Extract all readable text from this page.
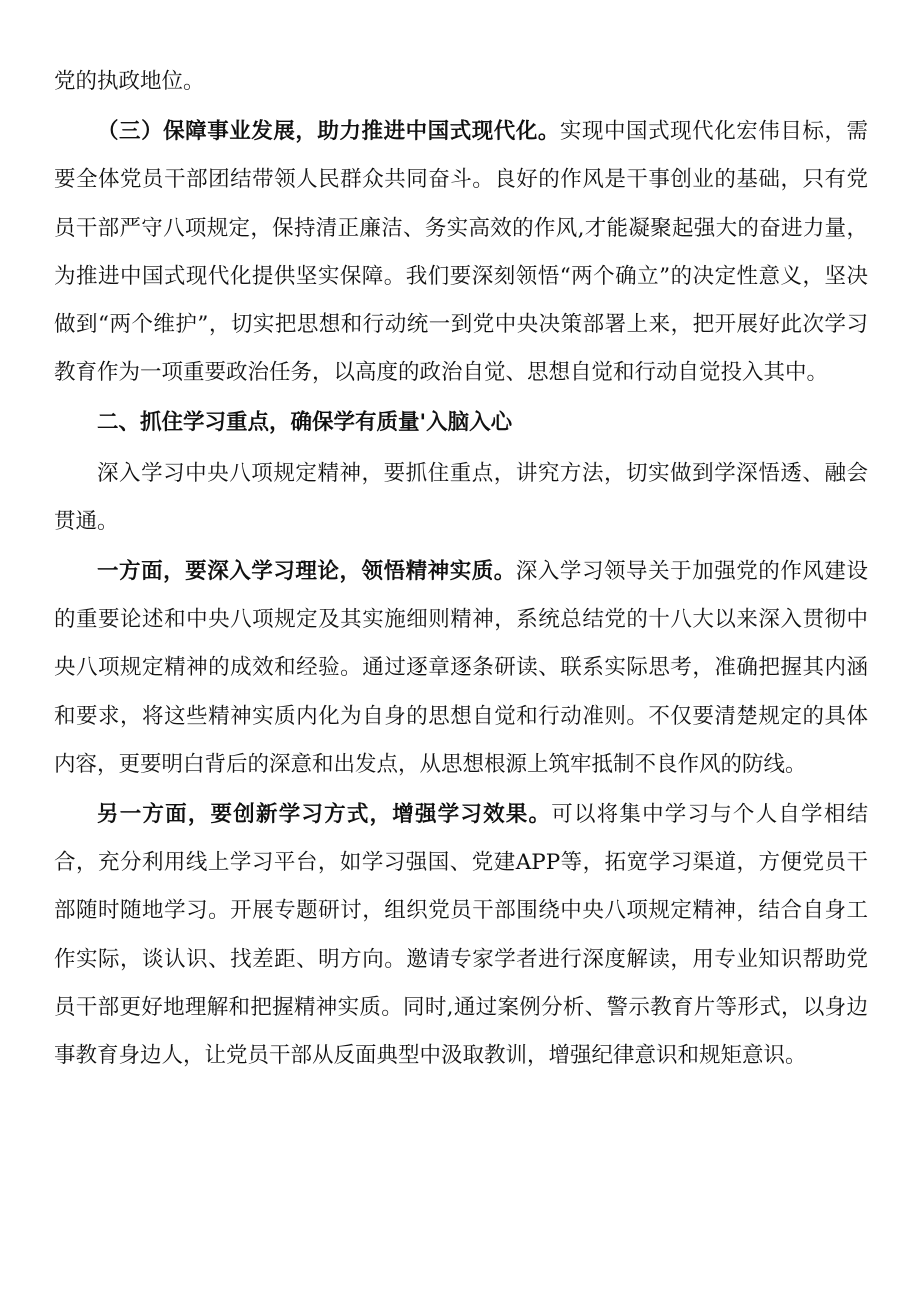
党的执政地位。

（三）保障事业发展，助力推进中国式现代化。实现中国式现代化宏伟目标，需要全体党员干部团结带领人民群众共同奋斗。良好的作风是干事创业的基础，只有党员干部严守八项规定，保持清正廉洁、务实高效的作风,才能凝聚起强大的奋进力量，为推进中国式现代化提供坚实保障。我们要深刻领悟“两个确立”的决定性意义，坚决做到“两个维护”，切实把思想和行动统一到党中央决策部署上来，把开展好此次学习教育作为一项重要政治任务，以高度的政治自觉、思想自觉和行动自觉投入其中。

二、抓住学习重点，确保学有质量'入脑入心

深入学习中央八项规定精神，要抓住重点，讲究方法，切实做到学深悟透、融会贯通。

一方面，要深入学习理论，领悟精神实质。深入学习领导关于加强党的作风建设的重要论述和中央八项规定及其实施细则精神，系统总结党的十八大以来深入贯彻中央八项规定精神的成效和经验。通过逐章逐条研读、联系实际思考，准确把握其内涵和要求，将这些精神实质内化为自身的思想自觉和行动准则。不仅要清楚规定的具体内容，更要明白背后的深意和出发点，从思想根源上筑牢抵制不良作风的防线。

另一方面，要创新学习方式，增强学习效果。可以将集中学习与个人自学相结合，充分利用线上学习平台，如学习强国、党建APP等，拓宽学习渠道，方便党员干部随时随地学习。开展专题研讨，组织党员干部围绕中央八项规定精神，结合自身工作实际，谈认识、找差距、明方向。邀请专家学者进行深度解读，用专业知识帮助党员干部更好地理解和把握精神实质。同时,通过案例分析、警示教育片等形式，以身边事教育身边人，让党员干部从反面典型中汲取教训，增强纪律意识和规矩意识。
